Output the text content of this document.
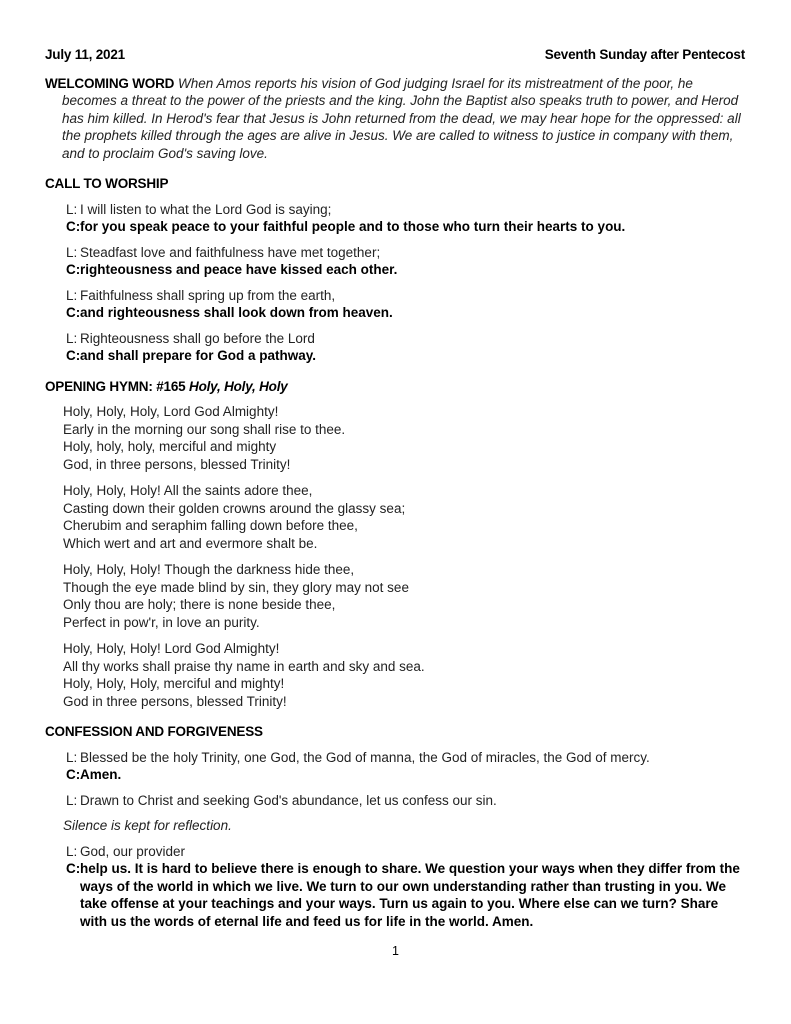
July 11, 2021	Seventh Sunday after Pentecost

WELCOMING WORD When Amos reports his vision of God judging Israel for its mistreatment of the poor, he becomes a threat to the power of the priests and the king. John the Baptist also speaks truth to power, and Herod has him killed. In Herod's fear that Jesus is John returned from the dead, we may hear hope for the oppressed: all the prophets killed through the ages are alive in Jesus. We are called to witness to justice in company with them, and to proclaim God's saving love.

CALL TO WORSHIP
L: I will listen to what the Lord God is saying;
C: for you speak peace to your faithful people and to those who turn their hearts to you.
L: Steadfast love and faithfulness have met together;
C: righteousness and peace have kissed each other.
L: Faithfulness shall spring up from the earth,
C: and righteousness shall look down from heaven.
L: Righteousness shall go before the Lord
C: and shall prepare for God a pathway.
OPENING HYMN: #165 Holy, Holy, Holy
Holy, Holy, Holy, Lord God Almighty!
Early in the morning our song shall rise to thee.
Holy, holy, holy, merciful and mighty
God, in three persons, blessed Trinity!
Holy, Holy, Holy! All the saints adore thee,
Casting down their golden crowns around the glassy sea;
Cherubim and seraphim falling down before thee,
Which wert and art and evermore shalt be.
Holy, Holy, Holy! Though the darkness hide thee,
Though the eye made blind by sin, they glory may not see
Only thou are holy; there is none beside thee,
Perfect in pow'r, in love an purity.
Holy, Holy, Holy! Lord God Almighty!
All thy works shall praise thy name in earth and sky and sea.
Holy, Holy, Holy, merciful and mighty!
God in three persons, blessed Trinity!
CONFESSION AND FORGIVENESS
L: Blessed be the holy Trinity, one God, the God of manna, the God of miracles, the God of mercy.
C: Amen.
L: Drawn to Christ and seeking God's abundance, let us confess our sin.
Silence is kept for reflection.
L: God, our provider
C: help us. It is hard to believe there is enough to share. We question your ways when they differ from the ways of the world in which we live. We turn to our own understanding rather than trusting in you. We take offense at your teachings and your ways. Turn us again to you. Where else can we turn? Share with us the words of eternal life and feed us for life in the world. Amen.
1
